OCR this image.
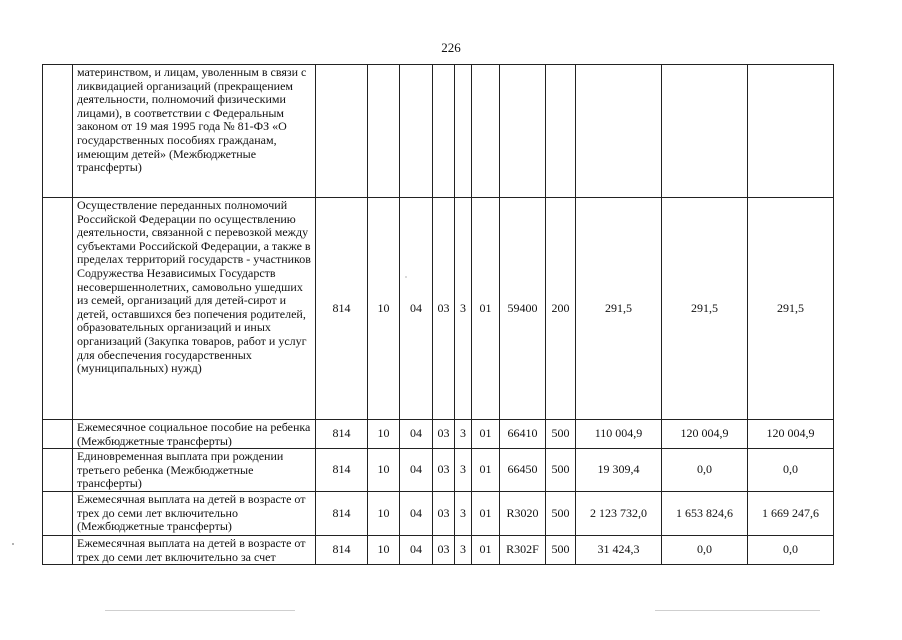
226
	материнством, и лицам, уволенным в связи с ликвидацией организаций (прекращением деятельности, полномочий физическими лицами), в соответствии с Федеральным законом от 19 мая 1995 года № 81-ФЗ «О государственных пособиях гражданам, имеющим детей» (Межбюджетные трансферты)											
	Осуществление переданных полномочий Российской Федерации по осуществлению деятельности, связанной с перевозкой между субъектами Российской Федерации, а также в пределах территорий государств - участников Содружества Независимых Государств несовершеннолетних, самовольно ушедших из семей, организаций для детей-сирот и детей, оставшихся без попечения родителей, образовательных организаций и иных организаций (Закупка товаров, работ и услуг для обеспечения государственных (муниципальных) нужд)	814	10	04	03	3	01	59400	200	291,5	291,5	291,5
	Ежемесячное социальное пособие на ребенка (Межбюджетные трансферты)	814	10	04	03	3	01	66410	500	110 004,9	120 004,9	120 004,9
	Единовременная выплата при рождении третьего ребенка (Межбюджетные трансферты)	814	10	04	03	3	01	66450	500	19 309,4	0,0	0,0
	Ежемесячная выплата на детей в возрасте от трех до семи лет включительно (Межбюджетные трансферты)	814	10	04	03	3	01	R3020	500	2 123 732,0	1 653 824,6	1 669 247,6
	Ежемесячная выплата на детей в возрасте от трех до семи лет включительно за счет	814	10	04	03	3	01	R302F	500	31 424,3	0,0	0,0
